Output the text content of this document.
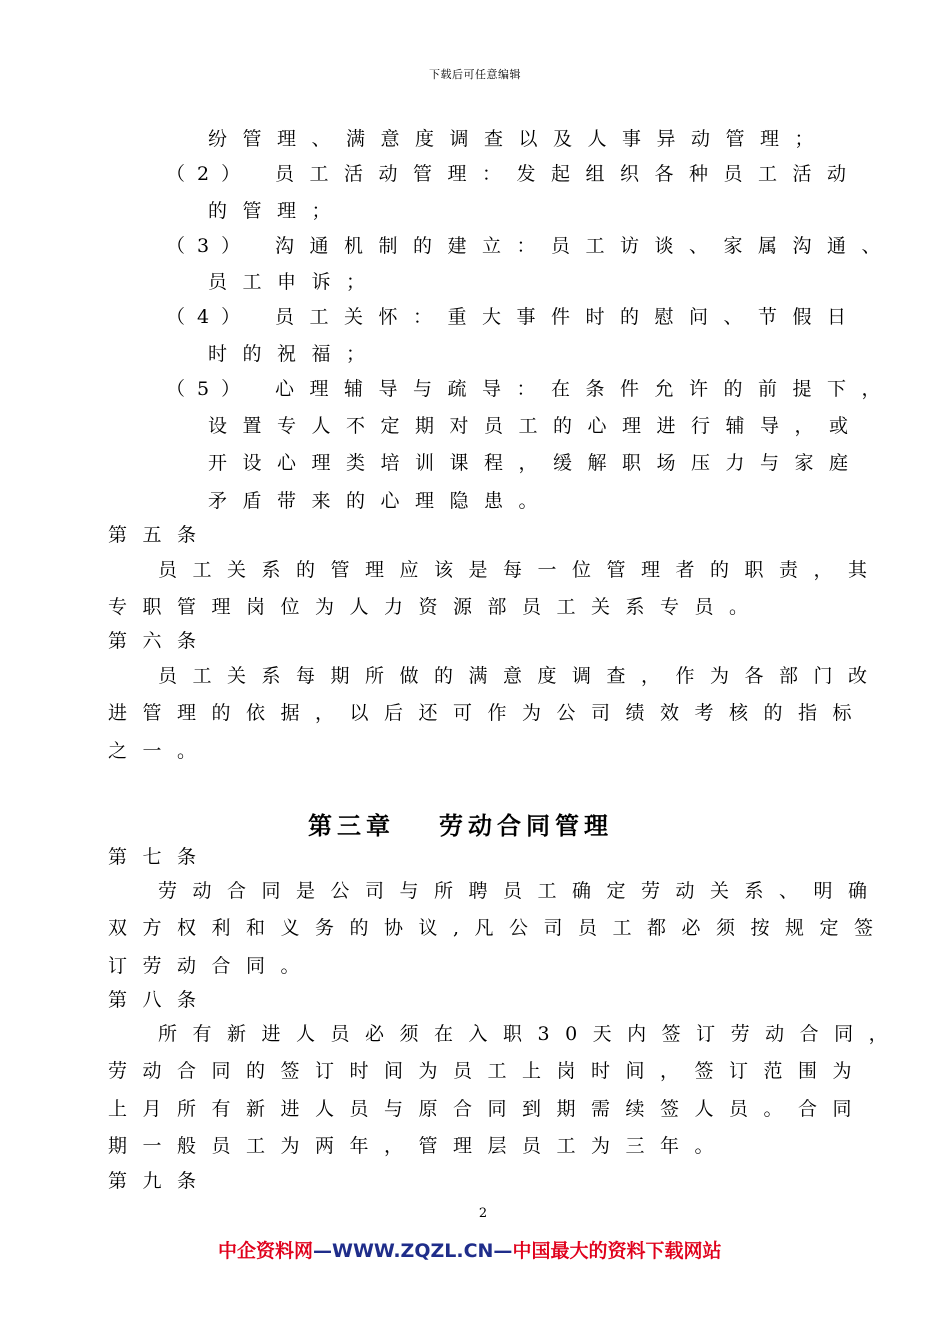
下载后可任意编辑
纷管理、满意度调查以及人事异动管理；
（2） 员工活动管理：发起组织各种员工活动
的管理；
（3） 沟通机制的建立：员工访谈、家属沟通、
员工申诉；
（4） 员工关怀：重大事件时的慰问、节假日
时的祝福；
（5） 心理辅导与疏导：在条件允许的前提下，
设置专人不定期对员工的心理进行辅导，或
开设心理类培训课程，缓解职场压力与家庭
矛盾带来的心理隐患。
第五条
员工关系的管理应该是每一位管理者的职责，其
专职管理岗位为人力资源部员工关系专员。
第六条
员工关系每期所做的满意度调查，作为各部门改
进管理的依据，以后还可作为公司绩效考核的指标
之一。
第三章 劳动合同管理
第七条
劳动合同是公司与所聘员工确定劳动关系、明确
双方权利和义务的协议,凡公司员工都必须按规定签
订劳动合同。
第八条
所有新进人员必须在入职30天内签订劳动合同，
劳动合同的签订时间为员工上岗时间，签订范围为
上月所有新进人员与原合同到期需续签人员。合同
期一般员工为两年，管理层员工为三年。
第九条
2
中企资料网—WWW.ZQZL.CN—中国最大的资料下载网站
